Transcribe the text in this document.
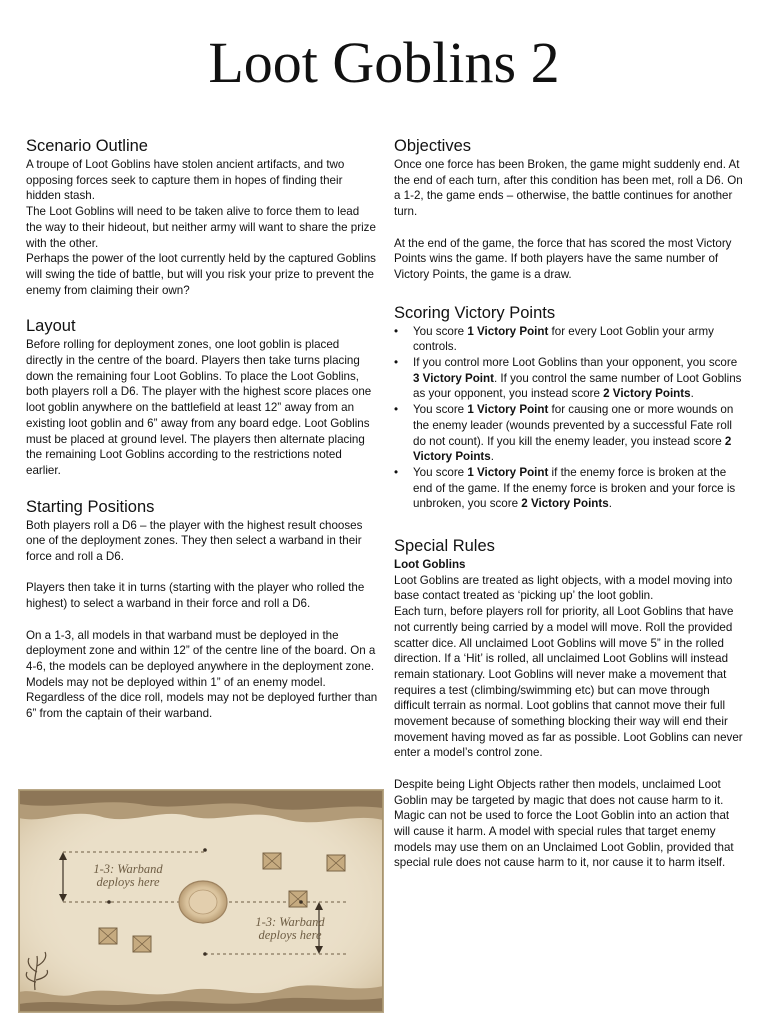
Loot Goblins 2
Scenario Outline

A troupe of Loot Goblins have stolen ancient artifacts, and two opposing forces seek to capture them in hopes of finding their hidden stash.

The Loot Goblins will need to be taken alive to force them to lead the way to their hideout, but neither army will want to share the prize with the other.

Perhaps the power of the loot currently held by the captured Goblins will swing the tide of battle, but will you risk your prize to prevent the enemy from claiming their own?

Layout

Before rolling for deployment zones, one loot goblin is placed directly in the centre of the board. Players then take turns placing down the remaining four Loot Goblins. To place the Loot Goblins, both players roll a D6. The player with the highest score places one loot goblin anywhere on the battlefield at least 12” away from an existing loot goblin and 6” away from any board edge. Loot Goblins must be placed at ground level. The players then alternate placing the remaining Loot Goblins according to the restrictions noted earlier.

Starting Positions

Both players roll a D6 – the player with the highest result chooses one of the deployment zones. They then select a warband in their force and roll a D6.

Players then take it in turns (starting with the player who rolled the highest) to select a warband in their force and roll a D6.

On a 1-3, all models in that warband must be deployed in the deployment zone and within 12” of the centre line of the board. On a 4-6, the models can be deployed anywhere in the deployment zone. Models may not be deployed within 1” of an enemy model. Regardless of the dice roll, models may not be deployed further than 6” from the captain of their warband.

1-3: Warband deploys here
1-3: Warband deploys here
Objectives

Once one force has been Broken, the game might suddenly end. At the end of each turn, after this condition has been met, roll a D6. On a 1-2, the game ends – otherwise, the battle continues for another turn.

At the end of the game, the force that has scored the most Victory Points wins the game. If both players have the same number of Victory Points, the game is a draw.

Scoring Victory Points
• You score 1 Victory Point for every Loot Goblin your army controls.
• If you control more Loot Goblins than your opponent, you score 3 Victory Point. If you control the same number of Loot Goblins as your opponent, you instead score 2 Victory Points.
• You score 1 Victory Point for causing one or more wounds on the enemy leader (wounds prevented by a successful Fate roll do not count). If you kill the enemy leader, you instead score 2 Victory Points.
• You score 1 Victory Point if the enemy force is broken at the end of the game. If the enemy force is broken and your force is unbroken, you score 2 Victory Points.
Special Rules

Loot Goblins

Loot Goblins are treated as light objects, with a model moving into base contact treated as ‘picking up’ the loot goblin.

Each turn, before players roll for priority, all Loot Goblins that have not currently being carried by a model will move. Roll the provided scatter dice. All unclaimed Loot Goblins will move 5” in the rolled direction. If a ‘Hit’ is rolled, all unclaimed Loot Goblins will instead remain stationary. Loot Goblins will never make a movement that requires a test (climbing/swimming etc) but can move through difficult terrain as normal. Loot goblins that cannot move their full movement because of something blocking their way will end their movement having moved as far as possible. Loot Goblins can never enter a model’s control zone.

Despite being Light Objects rather then models, unclaimed Loot Goblin may be targeted by magic that does not cause harm to it. Magic can not be used to force the Loot Goblin into an action that will cause it harm. A model with special rules that target enemy models may use them on an Unclaimed Loot Goblin, provided that special rule does not cause harm to it, nor cause it to harm itself.
